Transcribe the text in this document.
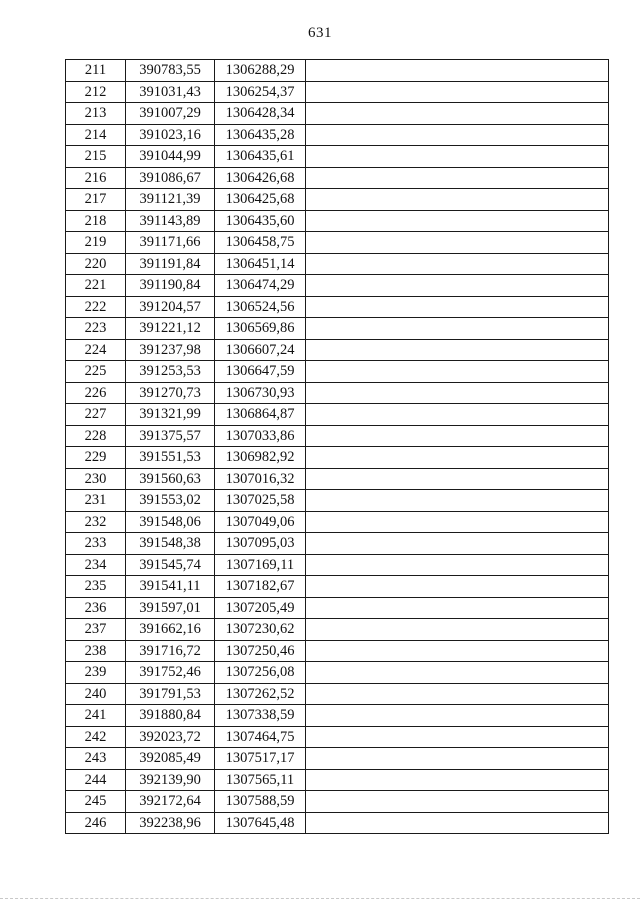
631
211	390783,55	1306288,29	
212	391031,43	1306254,37	
213	391007,29	1306428,34	
214	391023,16	1306435,28	
215	391044,99	1306435,61	
216	391086,67	1306426,68	
217	391121,39	1306425,68	
218	391143,89	1306435,60	
219	391171,66	1306458,75	
220	391191,84	1306451,14	
221	391190,84	1306474,29	
222	391204,57	1306524,56	
223	391221,12	1306569,86	
224	391237,98	1306607,24	
225	391253,53	1306647,59	
226	391270,73	1306730,93	
227	391321,99	1306864,87	
228	391375,57	1307033,86	
229	391551,53	1306982,92	
230	391560,63	1307016,32	
231	391553,02	1307025,58	
232	391548,06	1307049,06	
233	391548,38	1307095,03	
234	391545,74	1307169,11	
235	391541,11	1307182,67	
236	391597,01	1307205,49	
237	391662,16	1307230,62	
238	391716,72	1307250,46	
239	391752,46	1307256,08	
240	391791,53	1307262,52	
241	391880,84	1307338,59	
242	392023,72	1307464,75	
243	392085,49	1307517,17	
244	392139,90	1307565,11	
245	392172,64	1307588,59	
246	392238,96	1307645,48	
